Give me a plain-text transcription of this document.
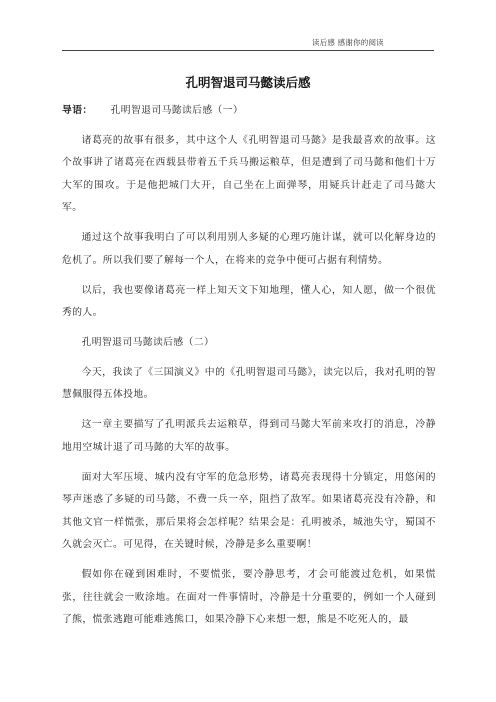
读后感 感谢你的阅读
孔明智退司马懿读后感
导语： 孔明智退司马懿读后感（一）

诸葛亮的故事有很多，其中这个人《孔明智退司马懿》是我最喜欢的故事。这个故事讲了诸葛亮在西载县带着五千兵马搬运粮草，但是遭到了司马懿和他们十万大军的围攻。于是他把城门大开，自己坐在上面弹琴，用疑兵计赶走了司马懿大军。

通过这个故事我明白了可以利用别人多疑的心理巧施计谋，就可以化解身边的危机了。所以我们要了解每一个人，在将来的竞争中便可占据有利情势。

以后，我也要像诸葛亮一样上知天文下知地理，懂人心，知人愿，做一个很优秀的人。

孔明智退司马懿读后感（二）

今天，我读了《三国演义》中的《孔明智退司马懿》，读完以后，我对孔明的智慧佩服得五体投地。

这一章主要描写了孔明派兵去运粮草，得到司马懿大军前来攻打的消息，冷静地用空城计退了司马懿的大军的故事。

面对大军压境、城内没有守军的危急形势，诸葛亮表现得十分镇定，用悠闲的琴声迷惑了多疑的司马懿，不费一兵一卒，阻挡了敌军。如果诸葛亮没有冷静，和其他文官一样慌张，那后果将会怎样呢？结果会是：孔明被杀，城池失守，蜀国不久就会灭亡。可见得，在关键时候，冷静是多么重要啊！

假如你在碰到困难时，不要慌张，要冷静思考，才会可能渡过危机，如果慌张，往往就会一败涂地。在面对一件事情时，冷静是十分重要的，例如一个人碰到了熊，慌张逃跑可能难逃熊口，如果冷静下心来想一想，熊是不吃死人的，最
